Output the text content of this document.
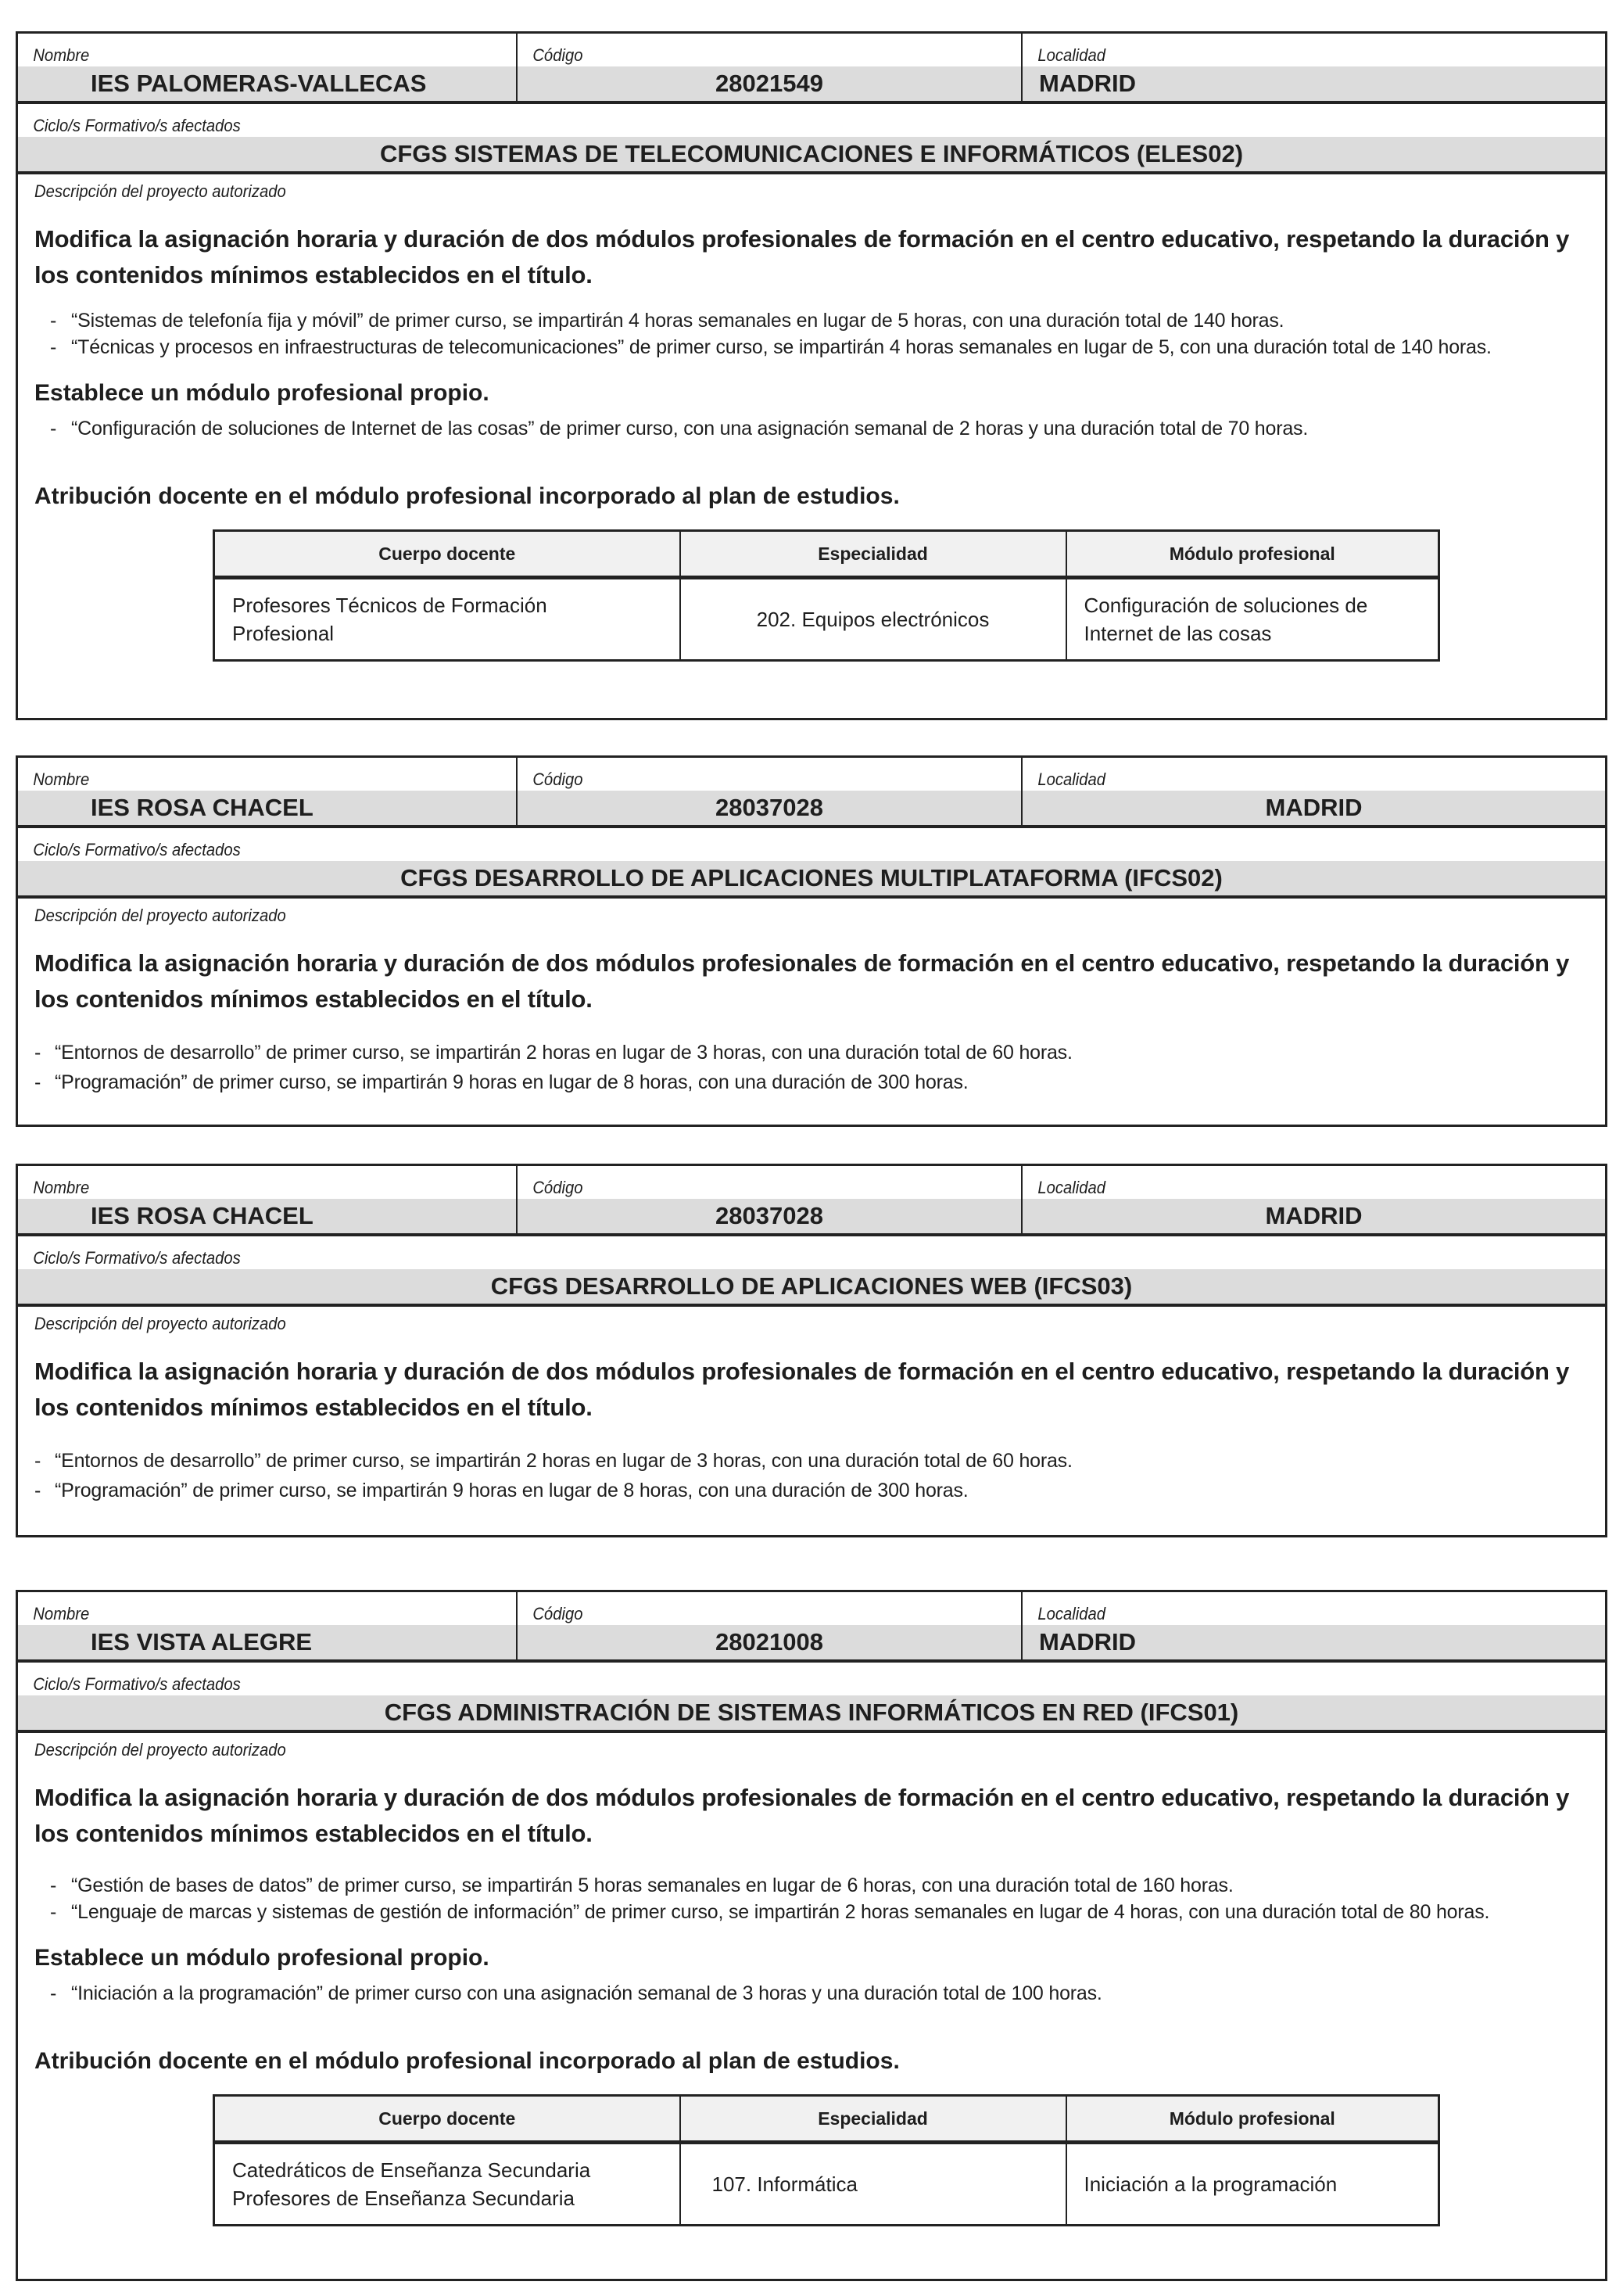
Nombre
IES PALOMERAS-VALLECAS
Código
28021549
Localidad
MADRID
Ciclo/s Formativo/s afectados
CFGS SISTEMAS DE TELECOMUNICACIONES E INFORMÁTICOS (ELES02)
Descripción del proyecto autorizado

Modifica la asignación horaria y duración de dos módulos profesionales de formación en el centro educativo, respetando la duración y los contenidos mínimos establecidos en el título.

- “Sistemas de telefonía fija y móvil” de primer curso, se impartirán 4 horas semanales en lugar de 5 horas, con una duración total de 140 horas.
- “Técnicas y procesos en infraestructuras de telecomunicaciones” de primer curso, se impartirán 4 horas semanales en lugar de 5, con una duración total de 140 horas.

Establece un módulo profesional propio.

- “Configuración de soluciones de Internet de las cosas” de primer curso, con una asignación semanal de 2 horas y una duración total de 70 horas.

Atribución docente en el módulo profesional incorporado al plan de estudios.

Cuerpo docente	Especialidad	Módulo profesional
Profesores Técnicos de Formación Profesional	202. Equipos electrónicos	Configuración de soluciones de Internet de las cosas
Nombre
IES ROSA CHACEL
Código
28037028
Localidad
MADRID
Ciclo/s Formativo/s afectados
CFGS DESARROLLO DE APLICACIONES MULTIPLATAFORMA (IFCS02)
Descripción del proyecto autorizado

Modifica la asignación horaria y duración de dos módulos profesionales de formación en el centro educativo, respetando la duración y los contenidos mínimos establecidos en el título.

- “Entornos de desarrollo” de primer curso, se impartirán 2 horas en lugar de 3 horas, con una duración total de 60 horas.
- “Programación” de primer curso, se impartirán 9 horas en lugar de 8 horas, con una duración de 300 horas.
Nombre
IES ROSA CHACEL
Código
28037028
Localidad
MADRID
Ciclo/s Formativo/s afectados
CFGS DESARROLLO DE APLICACIONES WEB (IFCS03)
Descripción del proyecto autorizado

Modifica la asignación horaria y duración de dos módulos profesionales de formación en el centro educativo, respetando la duración y los contenidos mínimos establecidos en el título.

- “Entornos de desarrollo” de primer curso, se impartirán 2 horas en lugar de 3 horas, con una duración total de 60 horas.
- “Programación” de primer curso, se impartirán 9 horas en lugar de 8 horas, con una duración de 300 horas.
Nombre
IES VISTA ALEGRE
Código
28021008
Localidad
MADRID
Ciclo/s Formativo/s afectados
CFGS ADMINISTRACIÓN DE SISTEMAS INFORMÁTICOS EN RED (IFCS01)
Descripción del proyecto autorizado

Modifica la asignación horaria y duración de dos módulos profesionales de formación en el centro educativo, respetando la duración y los contenidos mínimos establecidos en el título.

- “Gestión de bases de datos” de primer curso, se impartirán 5 horas semanales en lugar de 6 horas, con una duración total de 160 horas.
- “Lenguaje de marcas y sistemas de gestión de información” de primer curso, se impartirán 2 horas semanales en lugar de 4 horas, con una duración total de 80 horas.

Establece un módulo profesional propio.

- “Iniciación a la programación” de primer curso con una asignación semanal de 3 horas y una duración total de 100 horas.

Atribución docente en el módulo profesional incorporado al plan de estudios.

Cuerpo docente	Especialidad	Módulo profesional

Catedráticos de Enseñanza Secundaria
Profesores de Enseñanza Secundaria	107. Informática	Iniciación a la programación
